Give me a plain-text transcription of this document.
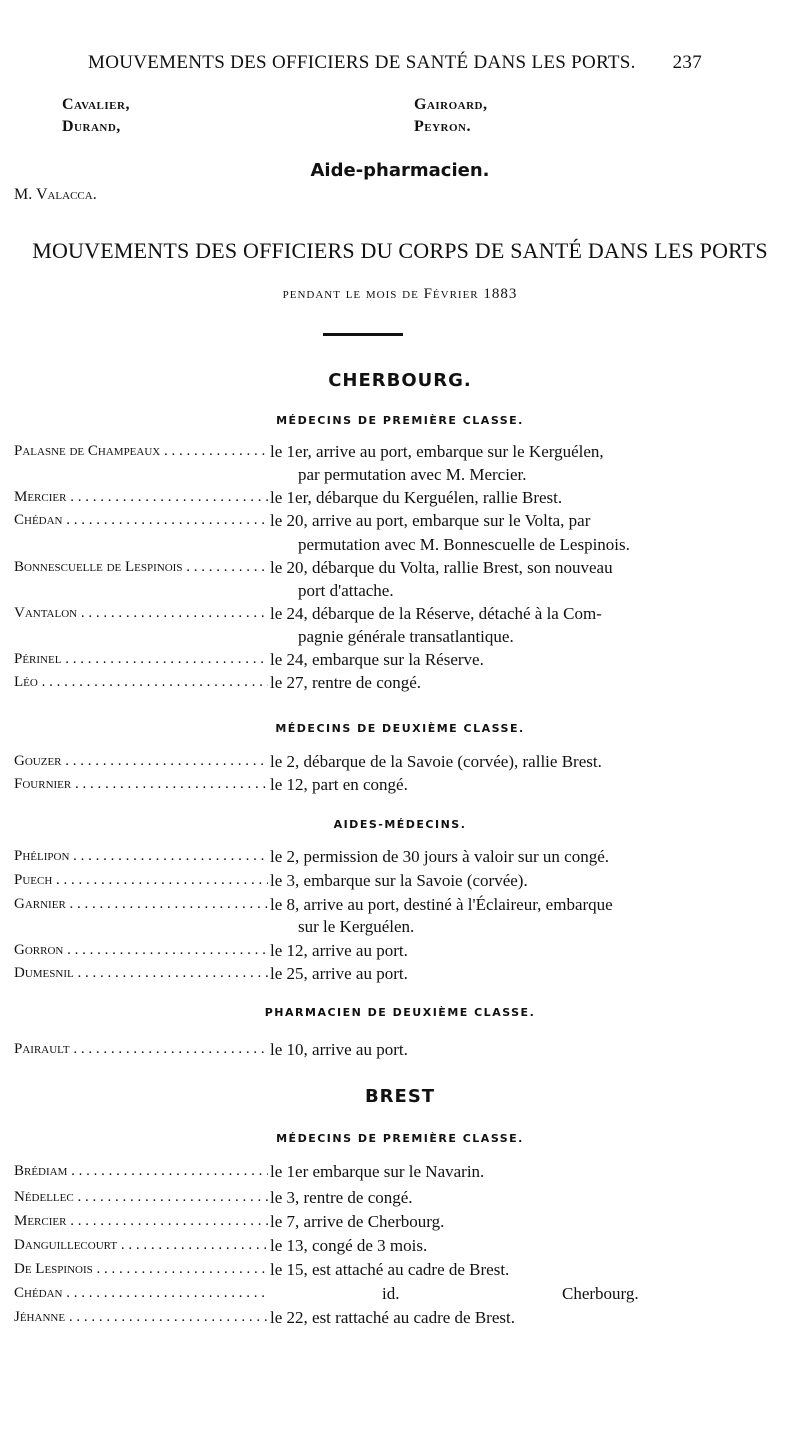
MOUVEMENTS DES OFFICIERS DE SANTÉ DANS LES PORTS. 237
Cavalier,	Gairoard,
Durand,	Peyron.
Aide-pharmacien.
M. Valacca.
MOUVEMENTS DES OFFICIERS DU CORPS DE SANTÉ DANS LES PORTS
pendant le mois de Février 1883
CHERBOURG.
MÉDECINS DE PREMIÈRE CLASSE.
Palasne de Champeaux . . .	le 1er, arrive au port, embarque sur le Kerguélen,
par permutation avec M. Mercier.
Mercier . . .	le 1er, débarque du Kerguélen, rallie Brest.
Chédan . . .	le 20, arrive au port, embarque sur le Volta, par
permutation avec M. Bonnescuelle de Lespinois.
Bonnescuelle de Lespinois . . .	le 20, débarque du Volta, rallie Brest, son nouveau
port d'attache.
Vantalon . . .	le 24, débarque de la Réserve, détaché à la Com-
pagnie générale transatlantique.
Périnel . . .	le 24, embarque sur la Réserve.
Léo . . .	le 27, rentre de congé.
MÉDECINS DE DEUXIÈME CLASSE.
Gouzer . . .	le 2, débarque de la Savoie (corvée), rallie Brest.
Fournier . . .	le 12, part en congé.
AIDES-MÉDECINS.
Phélipon . . .	le 2, permission de 30 jours à valoir sur un congé.
Puech . . .	le 3, embarque sur la Savoie (corvée).
Garnier . . .	le 8, arrive au port, destiné à l'Éclaireur, embarque
sur le Kerguélen.
Gorron . . .	le 12, arrive au port.
Dumesnil . . .	le 25, arrive au port.
PHARMACIEN DE DEUXIÈME CLASSE.
Pairault . . .	le 10, arrive au port.
BREST
MÉDECINS DE PREMIÈRE CLASSE.
Brédiam . . .	le 1er embarque sur le Navarin.
Nédellec . . .	le 3, rentre de congé.
Mercier . . .	le 7, arrive de Cherbourg.
Danguillecourt . . .	le 13, congé de 3 mois.
De Lespinois . . .	le 15, est attaché au cadre de Brest.
Chédan . . .	id.	Cherbourg.
Jéhanne . . .	le 22, est rattaché au cadre de Brest.
